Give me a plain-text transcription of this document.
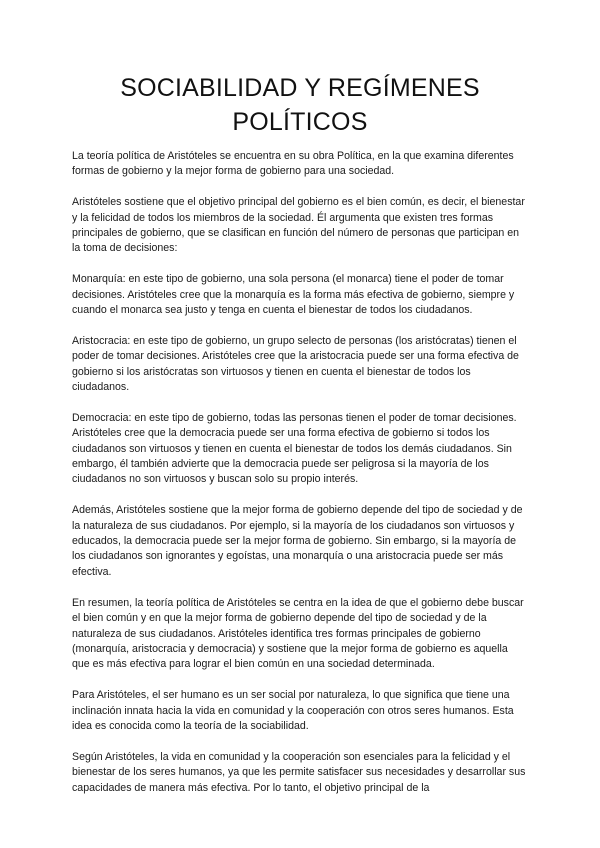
SOCIABILIDAD Y REGÍMENES
POLÍTICOS

La teoría política de Aristóteles se encuentra en su obra Política, en la que examina diferentes formas de gobierno y la mejor forma de gobierno para una sociedad.

Aristóteles sostiene que el objetivo principal del gobierno es el bien común, es decir, el bienestar y la felicidad de todos los miembros de la sociedad. Él argumenta que existen tres formas principales de gobierno, que se clasifican en función del número de personas que participan en la toma de decisiones:

Monarquía: en este tipo de gobierno, una sola persona (el monarca) tiene el poder de tomar decisiones. Aristóteles cree que la monarquía es la forma más efectiva de gobierno, siempre y cuando el monarca sea justo y tenga en cuenta el bienestar de todos los ciudadanos.

Aristocracia: en este tipo de gobierno, un grupo selecto de personas (los aristócratas) tienen el poder de tomar decisiones. Aristóteles cree que la aristocracia puede ser una forma efectiva de gobierno si los aristócratas son virtuosos y tienen en cuenta el bienestar de todos los ciudadanos.

Democracia: en este tipo de gobierno, todas las personas tienen el poder de tomar decisiones. Aristóteles cree que la democracia puede ser una forma efectiva de gobierno si todos los ciudadanos son virtuosos y tienen en cuenta el bienestar de todos los demás ciudadanos. Sin embargo, él también advierte que la democracia puede ser peligrosa si la mayoría de los ciudadanos no son virtuosos y buscan solo su propio interés.

Además, Aristóteles sostiene que la mejor forma de gobierno depende del tipo de sociedad y de la naturaleza de sus ciudadanos. Por ejemplo, si la mayoría de los ciudadanos son virtuosos y educados, la democracia puede ser la mejor forma de gobierno. Sin embargo, si la mayoría de los ciudadanos son ignorantes y egoístas, una monarquía o una aristocracia puede ser más efectiva.

En resumen, la teoría política de Aristóteles se centra en la idea de que el gobierno debe buscar el bien común y en que la mejor forma de gobierno depende del tipo de sociedad y de la naturaleza de sus ciudadanos. Aristóteles identifica tres formas principales de gobierno (monarquía, aristocracia y democracia) y sostiene que la mejor forma de gobierno es aquella que es más efectiva para lograr el bien común en una sociedad determinada.

Para Aristóteles, el ser humano es un ser social por naturaleza, lo que significa que tiene una inclinación innata hacia la vida en comunidad y la cooperación con otros seres humanos. Esta idea es conocida como la teoría de la sociabilidad.

Según Aristóteles, la vida en comunidad y la cooperación son esenciales para la felicidad y el bienestar de los seres humanos, ya que les permite satisfacer sus necesidades y desarrollar sus capacidades de manera más efectiva. Por lo tanto, el objetivo principal de la
